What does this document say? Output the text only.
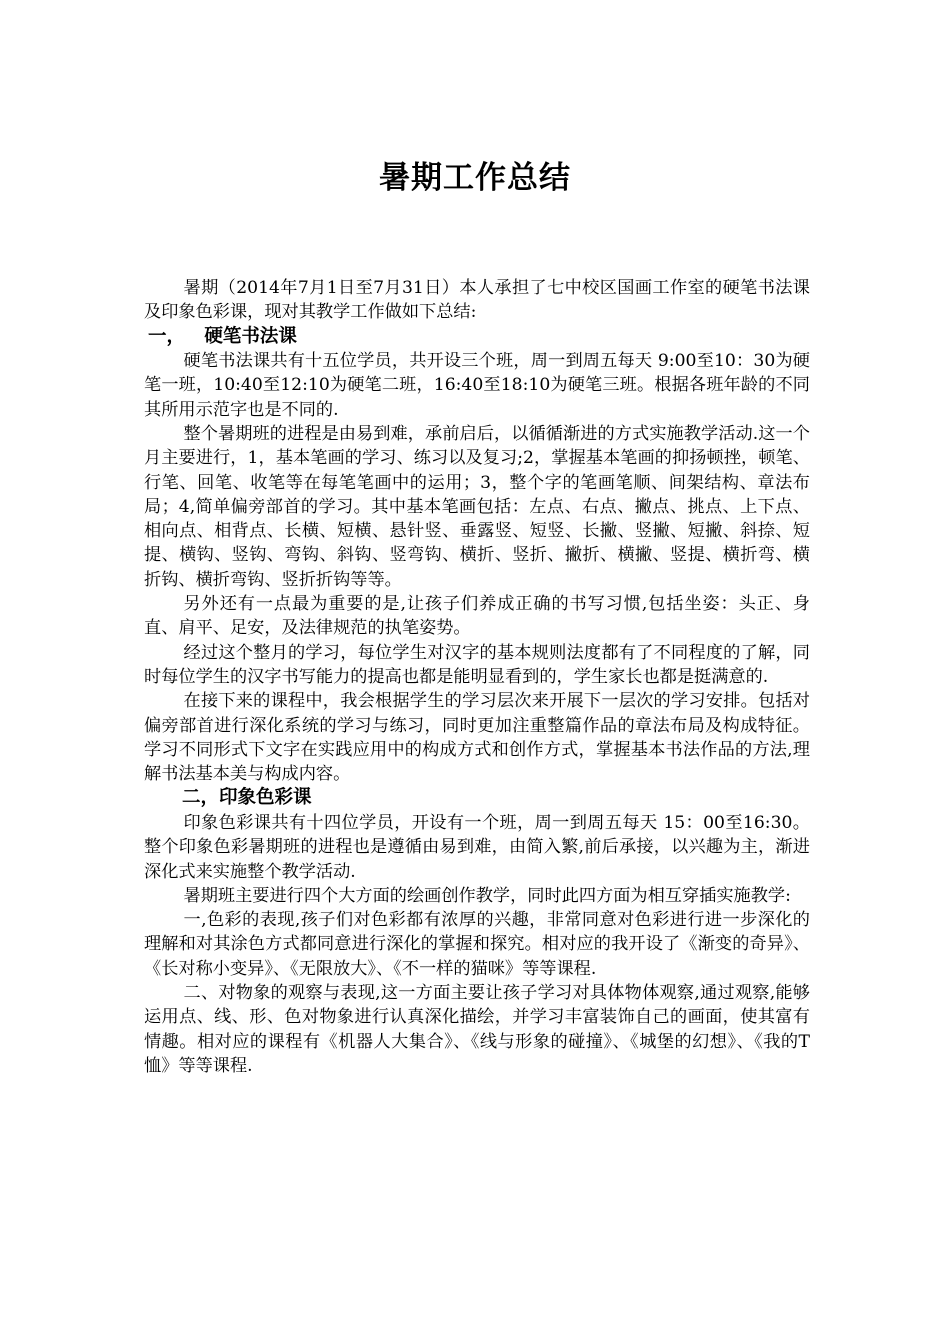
暑期工作总结

暑期（2014年7月1日至7月31日）本人承担了七中校区国画工作室的硬笔书法课及印象色彩课，现对其教学工作做如下总结:

一，   硬笔书法课

硬笔书法课共有十五位学员，共开设三个班，周一到周五每天 9:00至10：30为硬笔一班，10:40至12:10为硬笔二班，16:40至18:10为硬笔三班。根据各班年龄的不同其所用示范字也是不同的.

整个暑期班的进程是由易到难，承前启后，以循循渐进的方式实施教学活动.这一个月主要进行，1，基本笔画的学习、练习以及复习;2，掌握基本笔画的抑扬顿挫，顿笔、行笔、回笔、收笔等在每笔笔画中的运用；3，整个字的笔画笔顺、间架结构、章法布局；4,简单偏旁部首的学习。其中基本笔画包括：左点、右点、撇点、挑点、上下点、相向点、相背点、长横、短横、悬针竖、垂露竖、短竖、长撇、竖撇、短撇、斜捺、短提、横钩、竖钩、弯钩、斜钩、竖弯钩、横折、竖折、撇折、横撇、竖提、横折弯、横折钩、横折弯钩、竖折折钩等等。

另外还有一点最为重要的是,让孩子们养成正确的书写习惯,包括坐姿：头正、身直、肩平、足安，及法律规范的执笔姿势。

经过这个整月的学习，每位学生对汉字的基本规则法度都有了不同程度的了解，同时每位学生的汉字书写能力的提高也都是能明显看到的，学生家长也都是挺满意的.

在接下来的课程中，我会根据学生的学习层次来开展下一层次的学习安排。包括对偏旁部首进行深化系统的学习与练习，同时更加注重整篇作品的章法布局及构成特征。学习不同形式下文字在实践应用中的构成方式和创作方式，掌握基本书法作品的方法,理解书法基本美与构成内容。

二，印象色彩课

印象色彩课共有十四位学员，开设有一个班，周一到周五每天 15：00至16:30。整个印象色彩暑期班的进程也是遵循由易到难，由简入繁,前后承接，以兴趣为主，渐进深化式来实施整个教学活动.

暑期班主要进行四个大方面的绘画创作教学，同时此四方面为相互穿插实施教学:

一,色彩的表现,孩子们对色彩都有浓厚的兴趣，非常同意对色彩进行进一步深化的理解和对其涂色方式都同意进行深化的掌握和探究。相对应的我开设了《渐变的奇异》、《长对称小变异》、《无限放大》、《不一样的猫咪》等等课程.

二、对物象的观察与表现,这一方面主要让孩子学习对具体物体观察,通过观察,能够运用点、线、形、色对物象进行认真深化描绘，并学习丰富装饰自己的画面，使其富有情趣。相对应的课程有《机器人大集合》、《线与形象的碰撞》、《城堡的幻想》、《我的T恤》等等课程.
